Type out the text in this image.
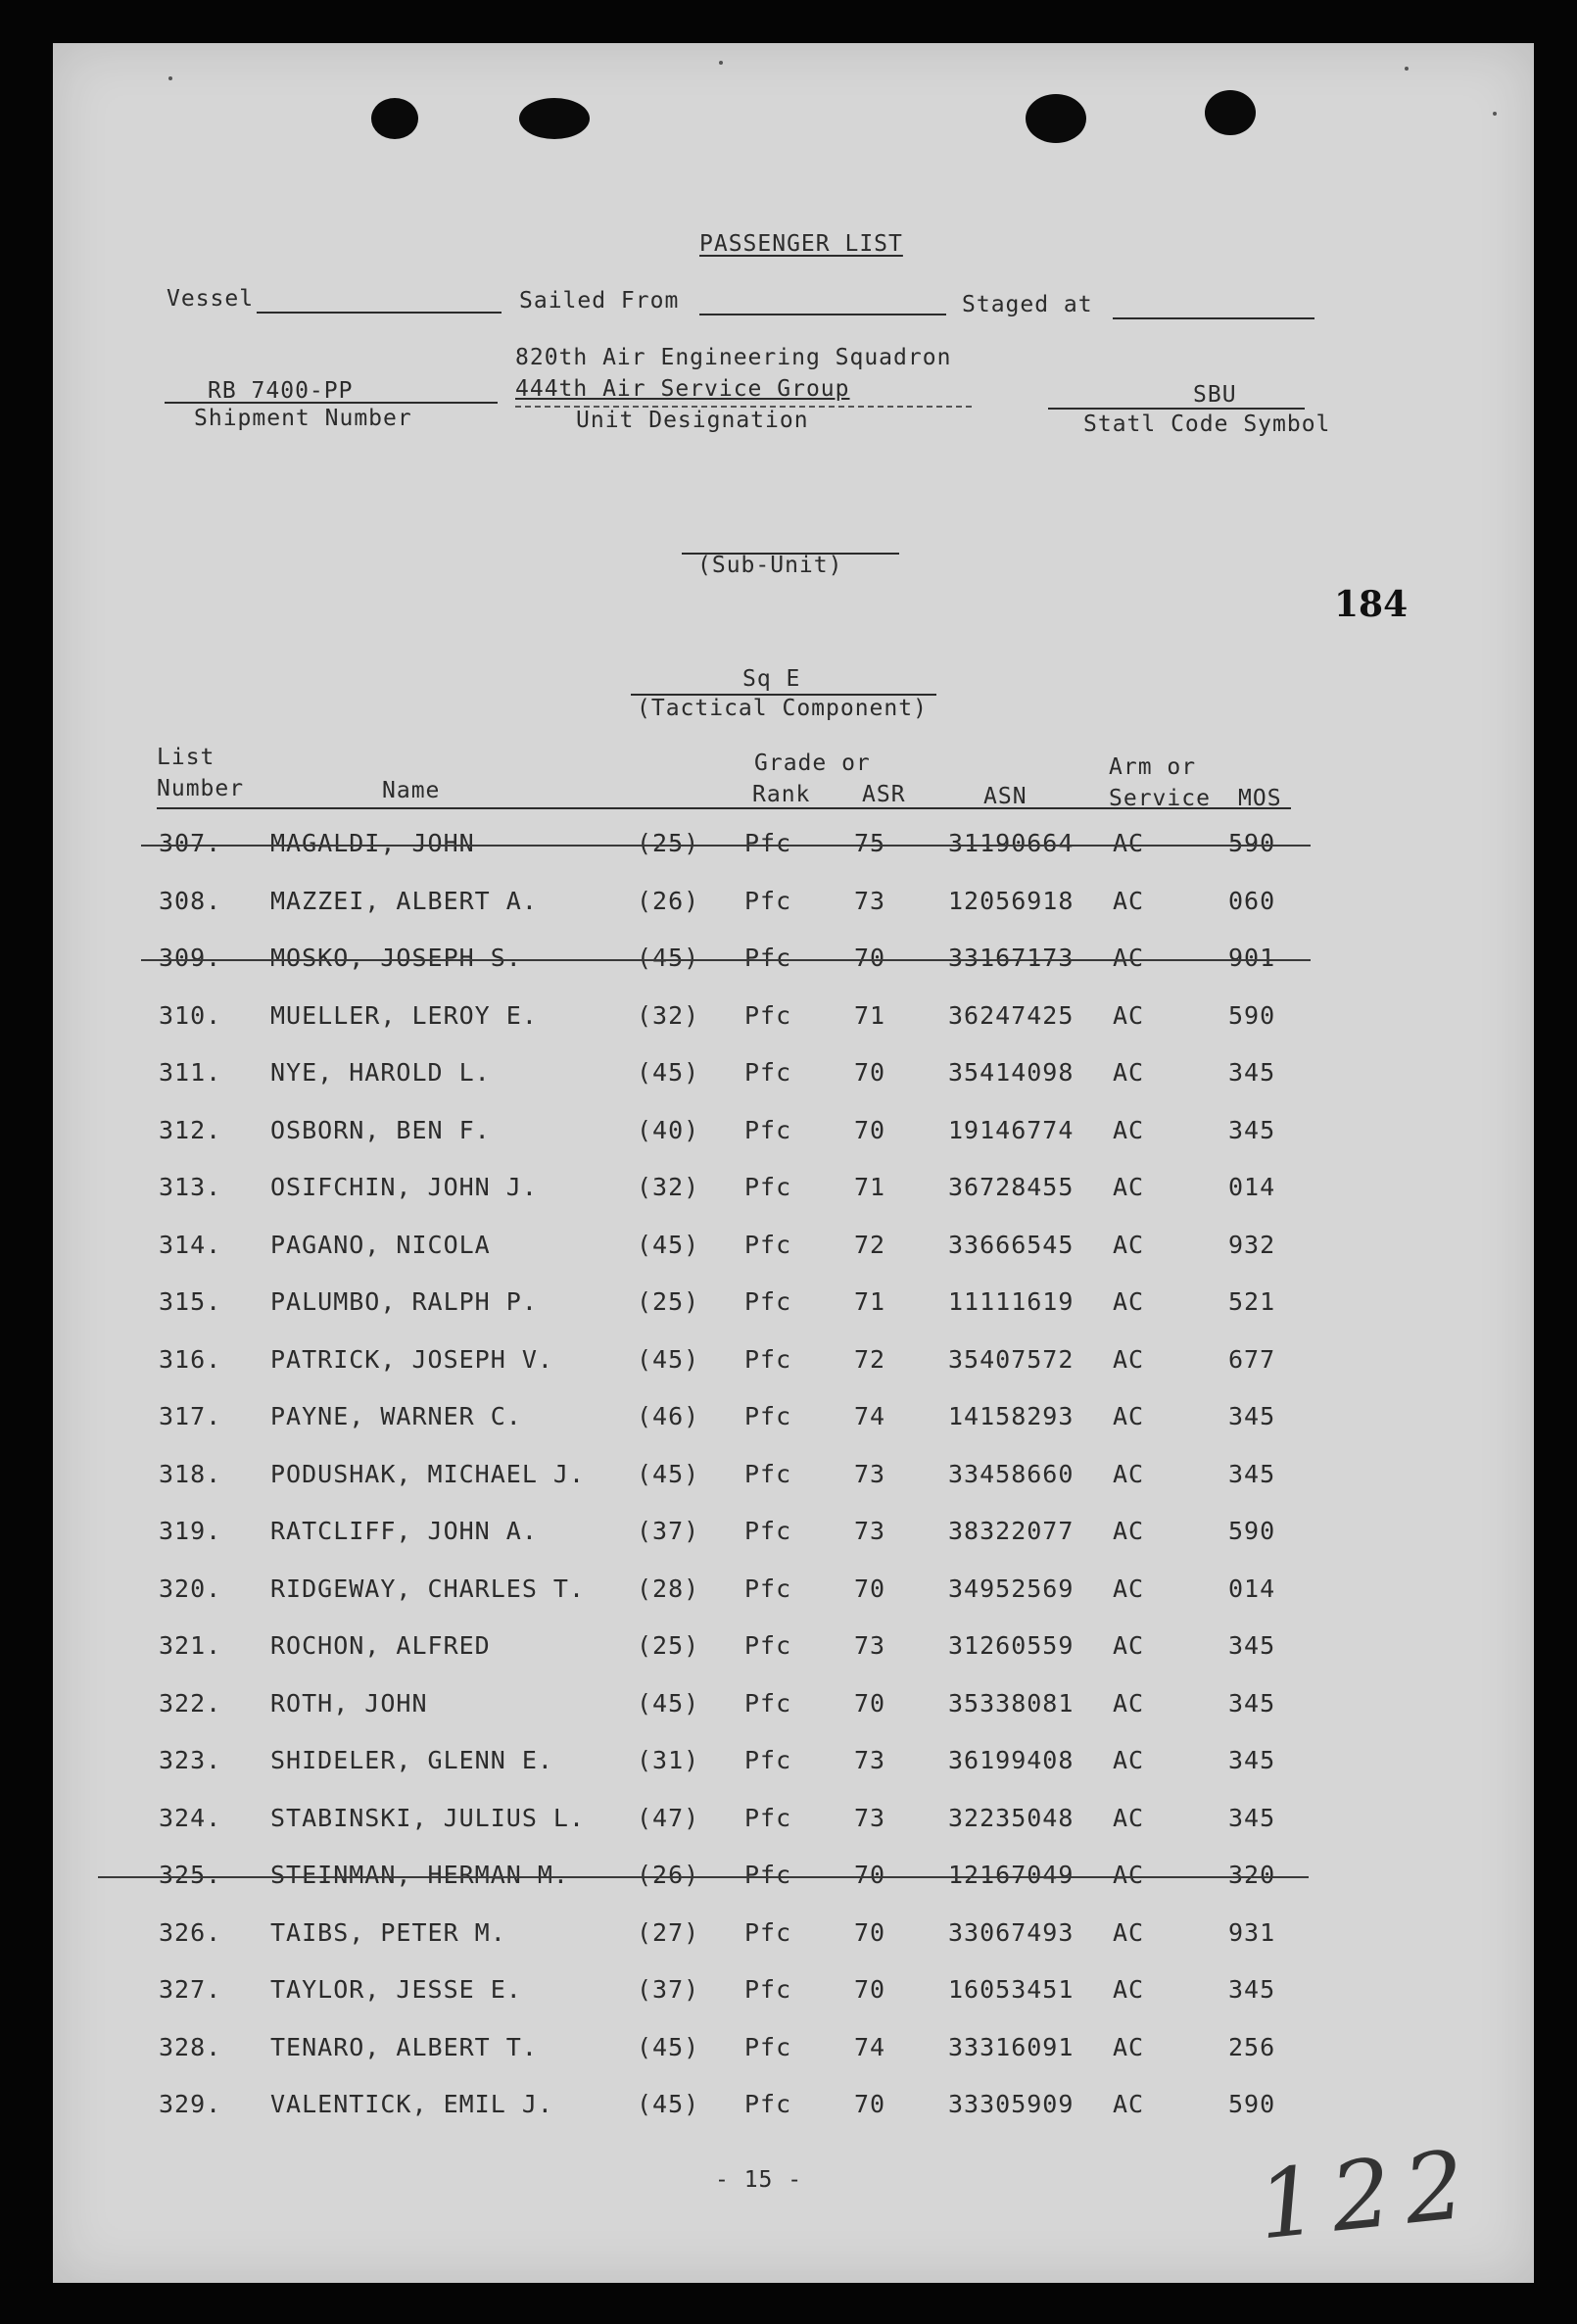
PASSENGER LIST
Vessel	Sailed From	Staged at
RB 7400-PP
Shipment Number
820th Air Engineering Squadron
444th Air Service Group
Unit Designation
SBU
Statl Code Symbol
(Sub-Unit)
184
Sq E
(Tactical Component)
List
Number	Name
Grade or
Rank ASR	ASN
Arm or
Service MOS
307. MAGALDI, JOHN	(25) Pfc	75	31190664 AC	590
308. MAZZEI, ALBERT A.	(26) Pfc	73	12056918 AC	060
309. MOSKO, JOSEPH S.	(45) Pfc	70	33167173 AC	901
310. MUELLER, LEROY E.	(32) Pfc	71	36247425 AC	590
311. NYE, HAROLD L.	(45) Pfc	70	35414098 AC	345
312. OSBORN, BEN F.	(40) Pfc	70	19146774 AC	345
313. OSIFCHIN, JOHN J.	(32) Pfc	71	36728455 AC	014
314. PAGANO, NICOLA	(45) Pfc	72	33666545 AC	932
315. PALUMBO, RALPH P.	(25) Pfc	71	11111619 AC	521
316. PATRICK, JOSEPH V.	(45) Pfc	72	35407572 AC	677
317. PAYNE, WARNER C.	(46) Pfc	74	14158293 AC	345
318. PODUSHAK, MICHAEL J. (45) Pfc	73	33458660 AC	345
319. RATCLIFF, JOHN A.	(37) Pfc	73	38322077 AC	590
320. RIDGEWAY, CHARLES T. (28) Pfc	70	34952569 AC	014
321. ROCHON, ALFRED	(25) Pfc	73	31260559 AC	345
322. ROTH, JOHN	(45) Pfc	70	35338081 AC	345
323. SHIDELER, GLENN E.	(31) Pfc	73	36199408 AC	345
324. STABINSKI, JULIUS L. (47) Pfc	73	32235048 AC	345
325. STEINMAN, HERMAN M.	(26) Pfc	70	12167049 AC	320
326. TAIBS, PETER M.	(27) Pfc	70	33067493 AC	931
327. TAYLOR, JESSE E.	(37) Pfc	70	16053451 AC	345
328. TENARO, ALBERT T.	(45) Pfc	74	33316091 AC	256
329. VALENTICK, EMIL J.	(45) Pfc	70	33305909 AC	590
- 15 -	122
